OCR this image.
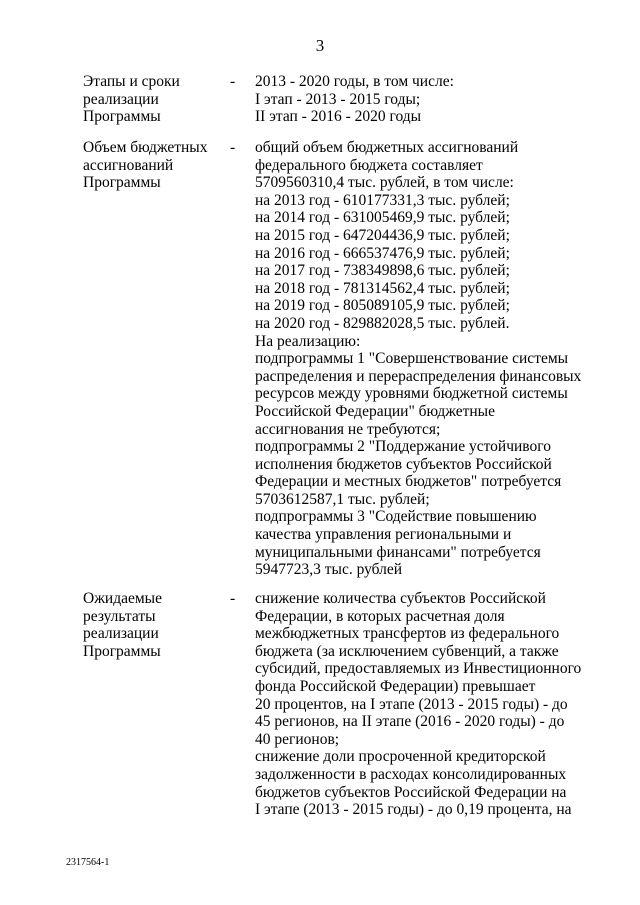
3
Этапы и сроки
реализации
Программы
- 2013 - 2020 годы, в том числе:
I этап - 2013 - 2015 годы;
II этап - 2016 - 2020 годы
Объем бюджетных
ассигнований
Программы
- общий объем бюджетных ассигнований
федерального бюджета составляет
5709560310,4 тыс. рублей, в том числе:
на 2013 год - 610177331,3 тыс. рублей;
на 2014 год - 631005469,9 тыс. рублей;
на 2015 год - 647204436,9 тыс. рублей;
на 2016 год - 666537476,9 тыс. рублей;
на 2017 год - 738349898,6 тыс. рублей;
на 2018 год - 781314562,4 тыс. рублей;
на 2019 год - 805089105,9 тыс. рублей;
на 2020 год - 829882028,5 тыс. рублей.
На реализацию:
подпрограммы 1 "Совершенствование системы
распределения и перераспределения финансовых
ресурсов между уровнями бюджетной системы
Российской Федерации" бюджетные
ассигнования не требуются;
подпрограммы 2 "Поддержание устойчивого
исполнения бюджетов субъектов Российской
Федерации и местных бюджетов" потребуется
5703612587,1 тыс. рублей;
подпрограммы 3 "Содействие повышению
качества управления региональными и
муниципальными финансами" потребуется
5947723,3 тыс. рублей
Ожидаемые
результаты
реализации
Программы
- снижение количества субъектов Российской
Федерации, в которых расчетная доля
межбюджетных трансфертов из федерального
бюджета (за исключением субвенций, а также
субсидий, предоставляемых из Инвестиционного
фонда Российской Федерации) превышает
20 процентов, на I этапе (2013 - 2015 годы) - до
45 регионов, на II этапе (2016 - 2020 годы) - до
40 регионов;
снижение доли просроченной кредиторской
задолженности в расходах консолидированных
бюджетов субъектов Российской Федерации на
I этапе (2013 - 2015 годы) - до 0,19 процента, на
2317564-1
